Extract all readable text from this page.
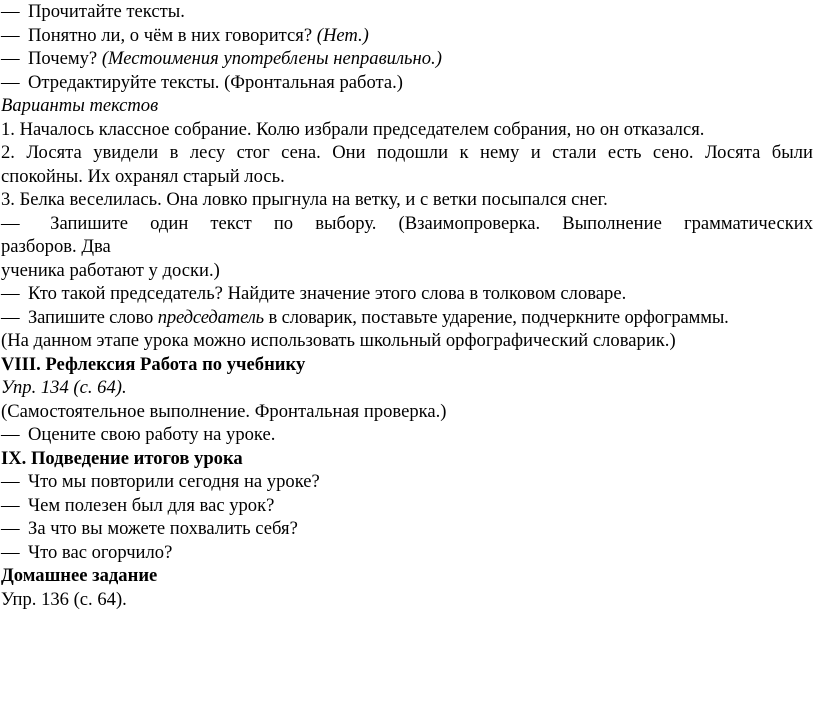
— Прочитайте тексты.

— Понятно ли, о чём в них говорится? (Нет.)

— Почему? (Местоимения употреблены неправильно.)

— Отредактируйте тексты. (Фронтальная работа.)

Варианты текстов

1. Началось классное собрание. Колю избрали председателем собрания, но он отказался.

2. Лосята увидели в лесу стог сена. Они подошли к нему и стали есть сено. Лосята были

спокойны. Их охранял старый лось.

3. Белка веселилась. Она ловко прыгнула на ветку, и с ветки посыпался снег.

— Запишите один текст по выбору. (Взаимопроверка. Выполнение грамматических

разборов. Два

ученика работают у доски.)

— Кто такой председатель? Найдите значение этого слова в толковом словаре.

— Запишите слово председатель в словарик, поставьте ударение, подчеркните орфограммы.

(На данном этапе урока можно использовать школьный орфографический словарик.)

VIII. Рефлексия Работа по учебнику

Упр. 134 (с. 64).

(Самостоятельное выполнение. Фронтальная проверка.)

— Оцените свою работу на уроке.

IX. Подведение итогов урока

— Что мы повторили сегодня на уроке?

— Чем полезен был для вас урок?

— За что вы можете похвалить себя?

— Что вас огорчило?

Домашнее задание

Упр. 136 (с. 64).
